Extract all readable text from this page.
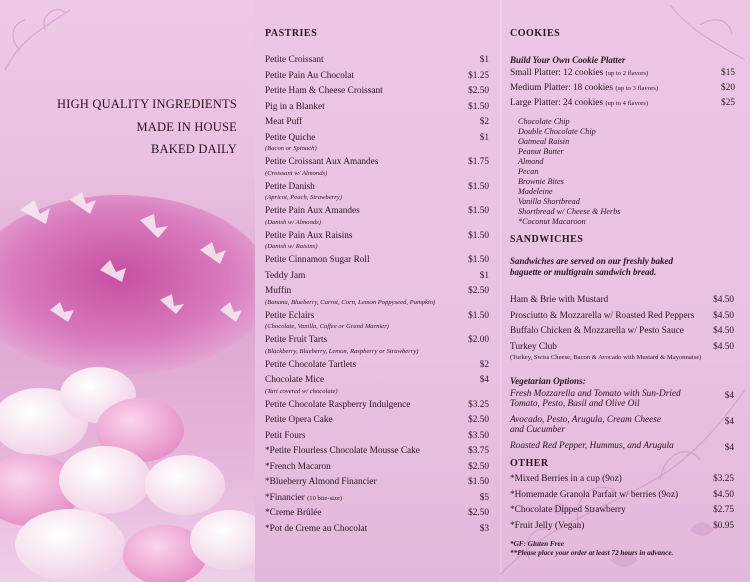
HIGH QUALITY INGREDIENTS
MADE IN HOUSE
BAKED DAILY
PASTRIES
Petite Croissant	$1
Petite Pain Au Chocolat	$1.25
Petite Ham & Cheese Croissant	$2.50
Pig in a Blanket	$1.50
Meat Puff	$2
Petite Quiche	$1
(Bacon or Spinach)
Petite Croissant Aux Amandes	$1.75
(Croissant w/ Almonds)
Petite Danish	$1.50
(Apricot, Peach, Strawberry)
Petite Pain Aux Amandes	$1.50
(Danish w/ Almonds)
Petite Pain Aux Raisins	$1.50
(Danish w/ Raisins)
Petite Cinnamon Sugar Roll	$1.50
Teddy Jam	$1
Muffin	$2.50
(Banana, Blueberry, Carrot, Corn, Lemon Poppyseed, Pumpkin)
Petite Eclairs	$1.50
(Chocolate, Vanilla, Coffee or Grand Marnier)
Petite Fruit Tarts	$2.00
(Blackberry, Blueberry, Lemon, Raspberry or Strawberry)
Petite Chocolate Tartlets	$2
Chocolate Mice	$4
(Tart covered w/ chocolate)
Petite Chocolate Raspberry Indulgence	$3.25
Petite Opera Cake	$2.50
Petit Fours	$3.50
*Petite Flourless Chocolate Mousse Cake	$3.75
*French Macaron	$2.50
*Blueberry Almond Financier	$1.50
*Financier (10 bite-size)	$5
*Creme Brûlée	$2.50
*Pot de Creme au Chocolat	$3
COOKIES
Build Your Own Cookie Platter
Small Platter: 12 cookies (up to 2 flavors)	$15
Medium Platter: 18 cookies (up to 3 flavors)	$20
Large Platter: 24 cookies (up to 4 flavors)	$25
Chocolate Chip
Double Chocolate Chip
Oatmeal Raisin
Peanut Butter
Almond
Pecan
Brownie Bites
Madeleine
Vanilla Shortbread
Shortbread w/ Cheese & Herbs
*Coconut Macaroon
SANDWICHES
Sandwiches are served on our freshly baked
baguette or multigrain sandwich bread.
Ham & Brie with Mustard	$4.50
Prosciutto & Mozzarella w/ Roasted Red Peppers	$4.50
Buffalo Chicken & Mozzarella w/ Pesto Sauce	$4.50
Turkey Club	$4.50
(Turkey, Swiss Cheese, Bacon & Avocado with Mustard & Mayonnaise)
Vegetarian Options:
Fresh Mozzarella and Tomato with Sun-Dried
Tomato, Pesto, Basil and Olive Oil
$4
Avocado, Pesto, Arugula, Cream Cheese
and Cucumber
$4
Roasted Red Pepper, Hummus, and Arugula	$4
OTHER
*Mixed Berries in a cup (9oz)	$3.25
*Homemade Granola Parfait w/ berries (9oz)	$4.50
*Chocolate Dipped Strawberry	$2.75
*Fruit Jelly (Vegan)	$0.95
*GF: Gluten Free
**Please place your order at least 72 hours in advance.
